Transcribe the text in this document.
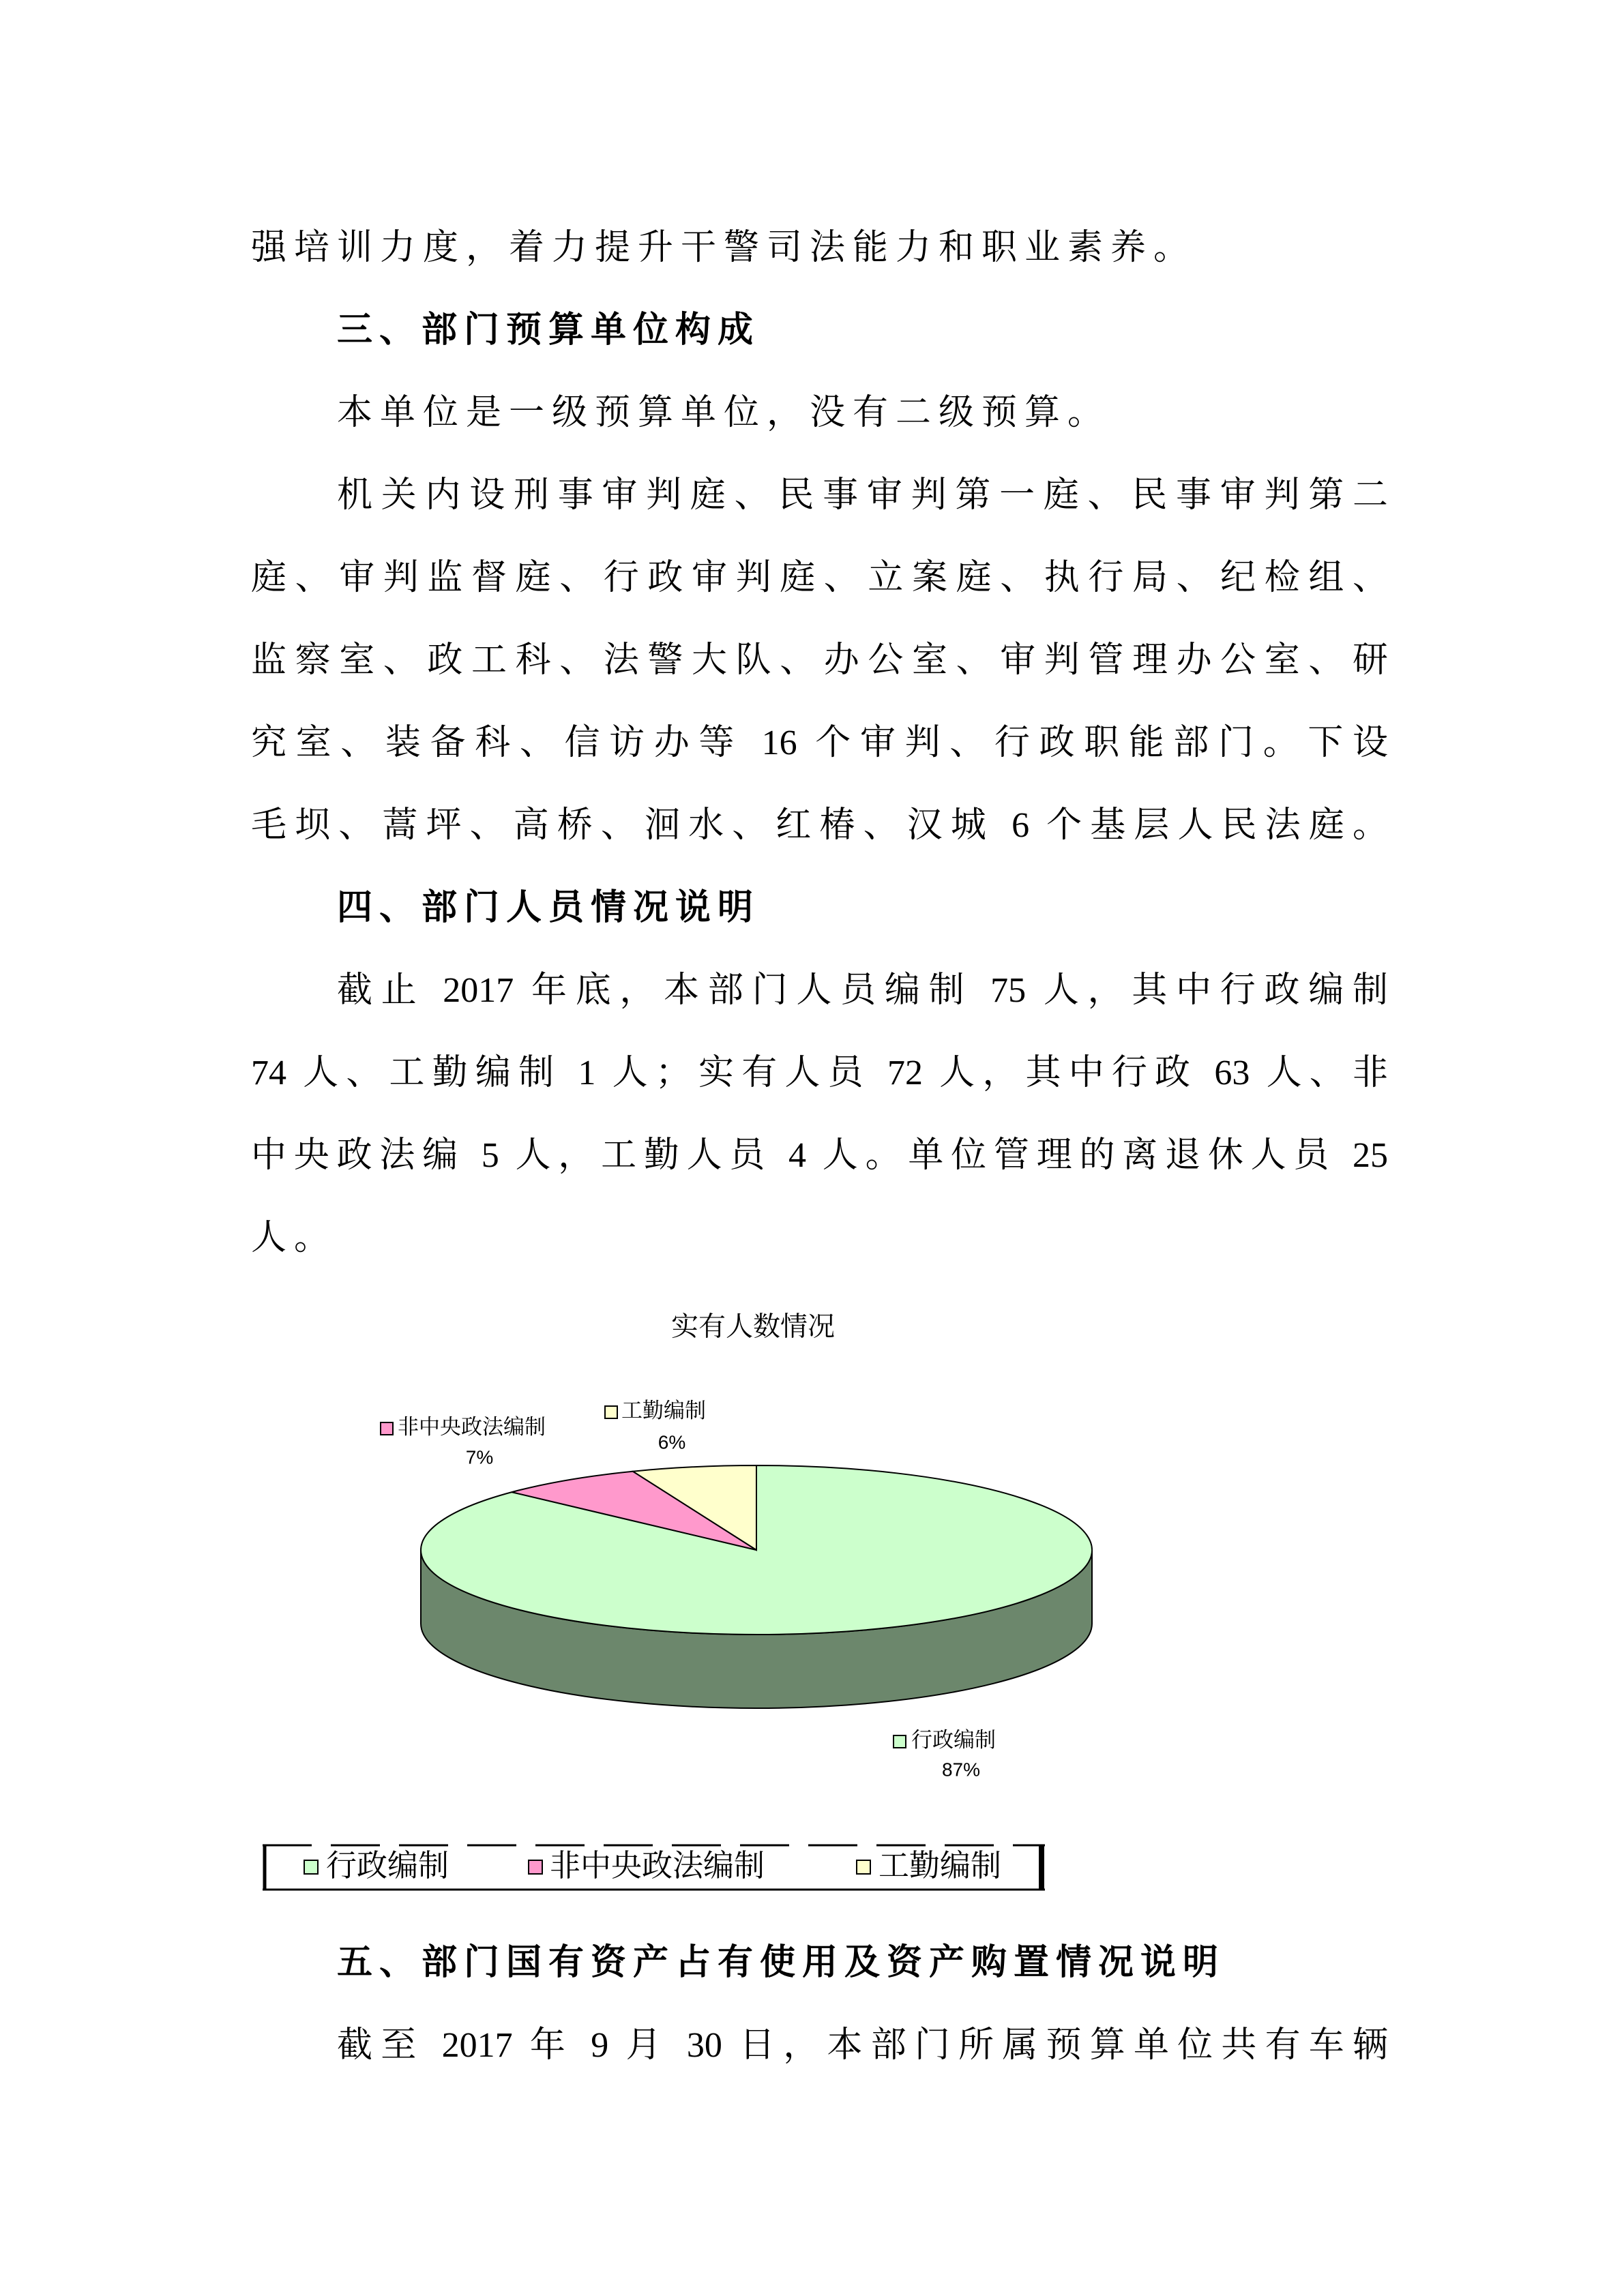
强培训力度，着力提升干警司法能力和职业素养。
三、部门预算单位构成
本单位是一级预算单位，没有二级预算。
机关内设刑事审判庭、民事审判第一庭、民事审判第二
庭、审判监督庭、行政审判庭、立案庭、执行局、纪检组、
监察室、政工科、法警大队、办公室、审判管理办公室、研
究室、装备科、信访办等 16 个审判、行政职能部门。下设
毛坝、蒿坪、高桥、洄水、红椿、汉城 6 个基层人民法庭。
四、部门人员情况说明
截止 2017 年底，本部门人员编制 75 人，其中行政编制
74 人、工勤编制 1 人；实有人员 72 人，其中行政 63 人、非
中央政法编 5 人，工勤人员 4 人。单位管理的离退休人员 25
人。
实有人数情况
工勤编制
6%
非中央政法编制
7%
行政编制
87%
行政编制	非中央政法编制	工勤编制
五、部门国有资产占有使用及资产购置情况说明
截至 2017 年 9 月 30 日，本部门所属预算单位共有车辆
